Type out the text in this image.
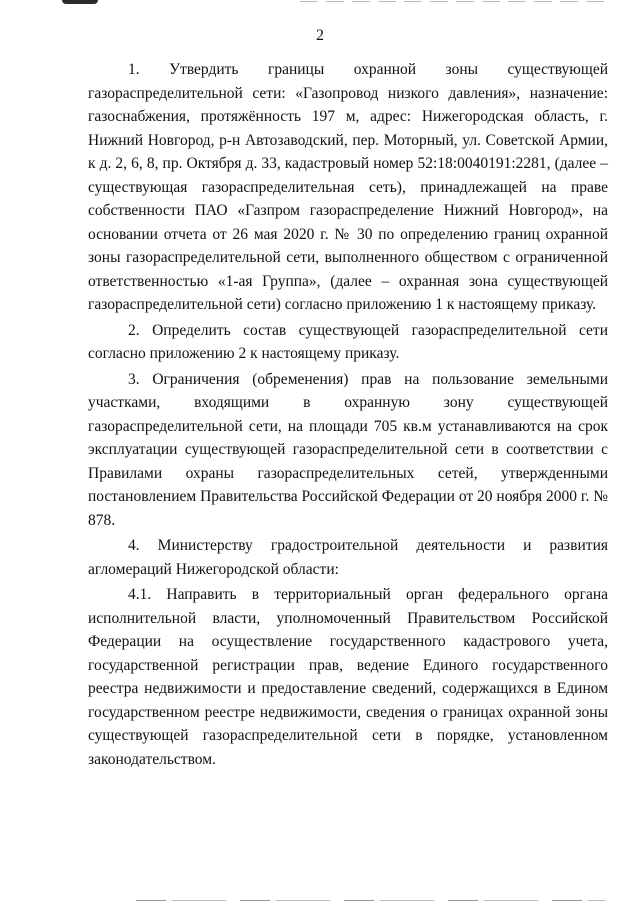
2

1. Утвердить границы охранной зоны существующей газораспределительной сети: «Газопровод низкого давления», назначение: газоснабжения, протяжённость 197 м, адрес: Нижегородская область, г. Нижний Новгород, р-н Автозаводский, пер. Моторный, ул. Советской Армии, к д. 2, 6, 8, пр. Октября д. 33, кадастровый номер 52:18:0040191:2281, (далее – существующая газораспределительная сеть), принадлежащей на праве собственности ПАО «Газпром газораспределение Нижний Новгород», на основании отчета от 26 мая 2020 г. № 30 по определению границ охранной зоны газораспределительной сети, выполненного обществом с ограниченной ответственностью «1-ая Группа», (далее – охранная зона существующей газораспределительной сети) согласно приложению 1 к настоящему приказу.

2. Определить состав существующей газораспределительной сети согласно приложению 2 к настоящему приказу.

3. Ограничения (обременения) прав на пользование земельными участками, входящими в охранную зону существующей газораспределительной сети, на площади 705 кв.м устанавливаются на срок эксплуатации существующей газораспределительной сети в соответствии с Правилами охраны газораспределительных сетей, утвержденными постановлением Правительства Российской Федерации от 20 ноября 2000 г. № 878.

4. Министерству градостроительной деятельности и развития агломераций Нижегородской области:

4.1. Направить в территориальный орган федерального органа исполнительной власти, уполномоченный Правительством Российской Федерации на осуществление государственного кадастрового учета, государственной регистрации прав, ведение Единого государственного реестра недвижимости и предоставление сведений, содержащихся в Едином государственном реестре недвижимости, сведения о границах охранной зоны существующей газораспределительной сети в порядке, установленном законодательством.
